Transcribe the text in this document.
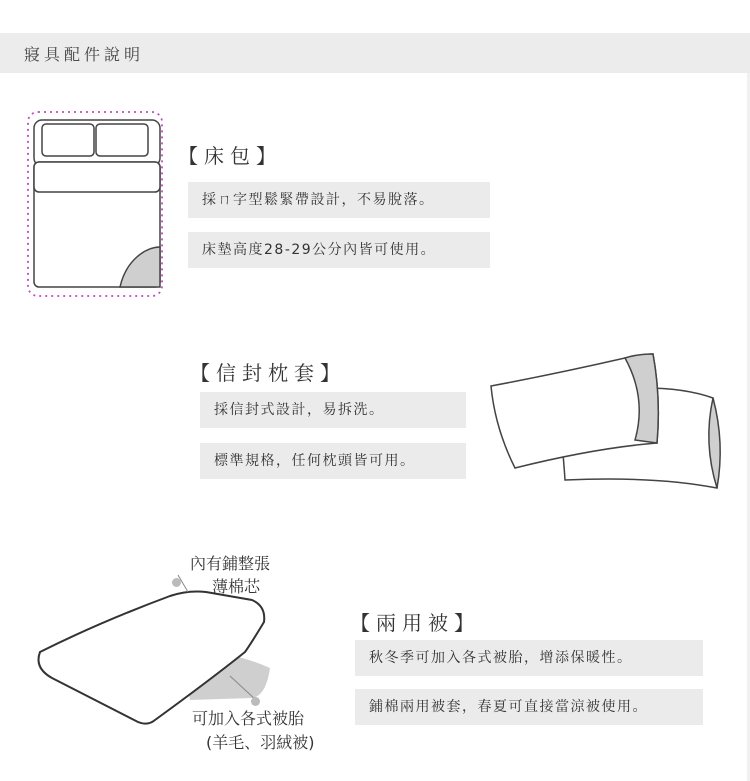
寢具配件說明
【床包】
採ㄇ字型鬆緊帶設計，不易脫落。
床墊高度28-29公分內皆可使用。
【信封枕套】
採信封式設計，易拆洗。
標準規格，任何枕頭皆可用。
內有鋪整張
薄棉芯
可加入各式被胎
(羊毛、羽絨被)
【兩用被】
秋冬季可加入各式被胎，增添保暖性。
鋪棉兩用被套，春夏可直接當涼被使用。
